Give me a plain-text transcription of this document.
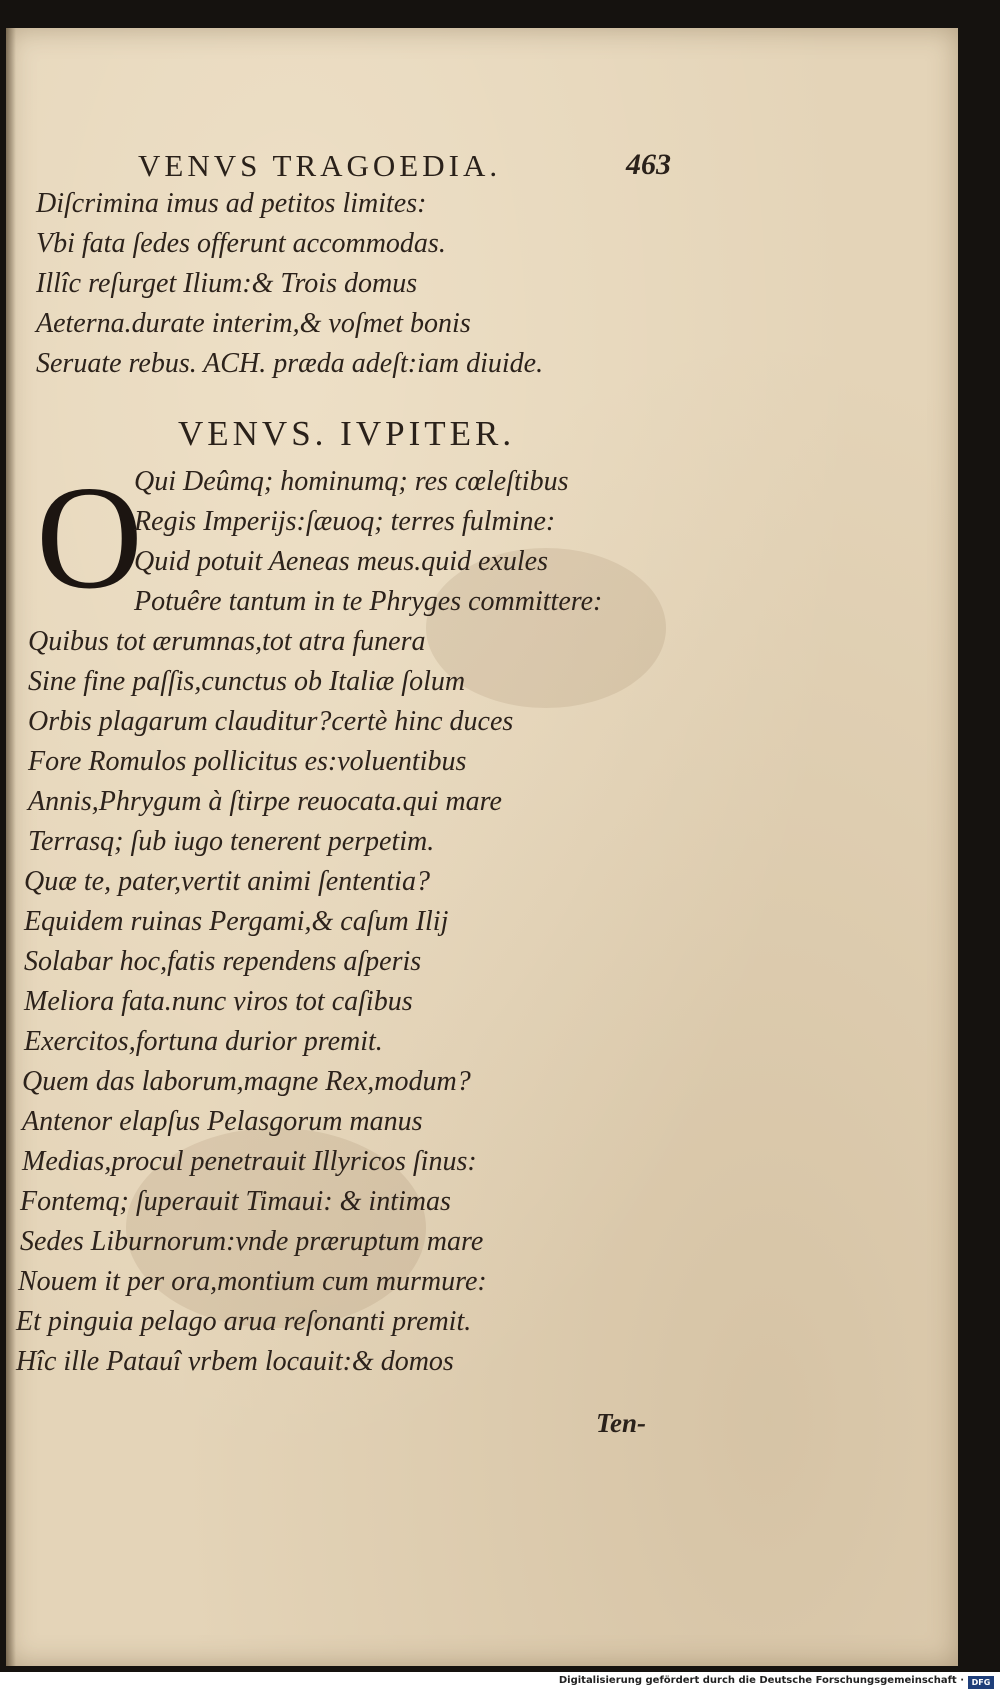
VENVS TRAGOEDIA.	463
Diſcrimina imus ad petitos limites:
Vbi fata ſedes offerunt accommodas.
Illîc reſurget Ilium:& Trois domus
Aeterna.durate interim,& voſmet bonis
Seruate rebus. ACH. præda adeſt:iam diuide.
VENVS. IVPITER.
O
Qui Deûmq; hominumq; res cœleſtibus
Regis Imperijs:ſæuoq; terres fulmine:
Quid potuit Aeneas meus.quid exules
Potuêre tantum in te Phryges committere:
Quibus tot ærumnas,tot atra funera
Sine fine paſſis,cunctus ob Italiæ ſolum
Orbis plagarum clauditur?certè hinc duces
Fore Romulos pollicitus es:voluentibus
Annis,Phrygum à ſtirpe reuocata.qui mare
Terrasq; ſub iugo tenerent perpetim.
Quæ te, pater,vertit animi ſententia?
Equidem ruinas Pergami,& caſum Ilij
Solabar hoc,fatis rependens aſperis
Meliora fata.nunc viros tot caſibus
Exercitos,fortuna durior premit.
Quem das laborum,magne Rex,modum?
Antenor elapſus Pelasgorum manus
Medias,procul penetrauit Illyricos ſinus:
Fontemq; ſuperauit Timaui: & intimas
Sedes Liburnorum:vnde præruptum mare
Nouem it per ora,montium cum murmure:
Et pinguia pelago arua reſonanti premit.
Hîc ille Patauî vrbem locauit:& domos
Ten-
Digitalisierung gefördert durch die Deutsche Forschungsgemeinschaft · DFG
